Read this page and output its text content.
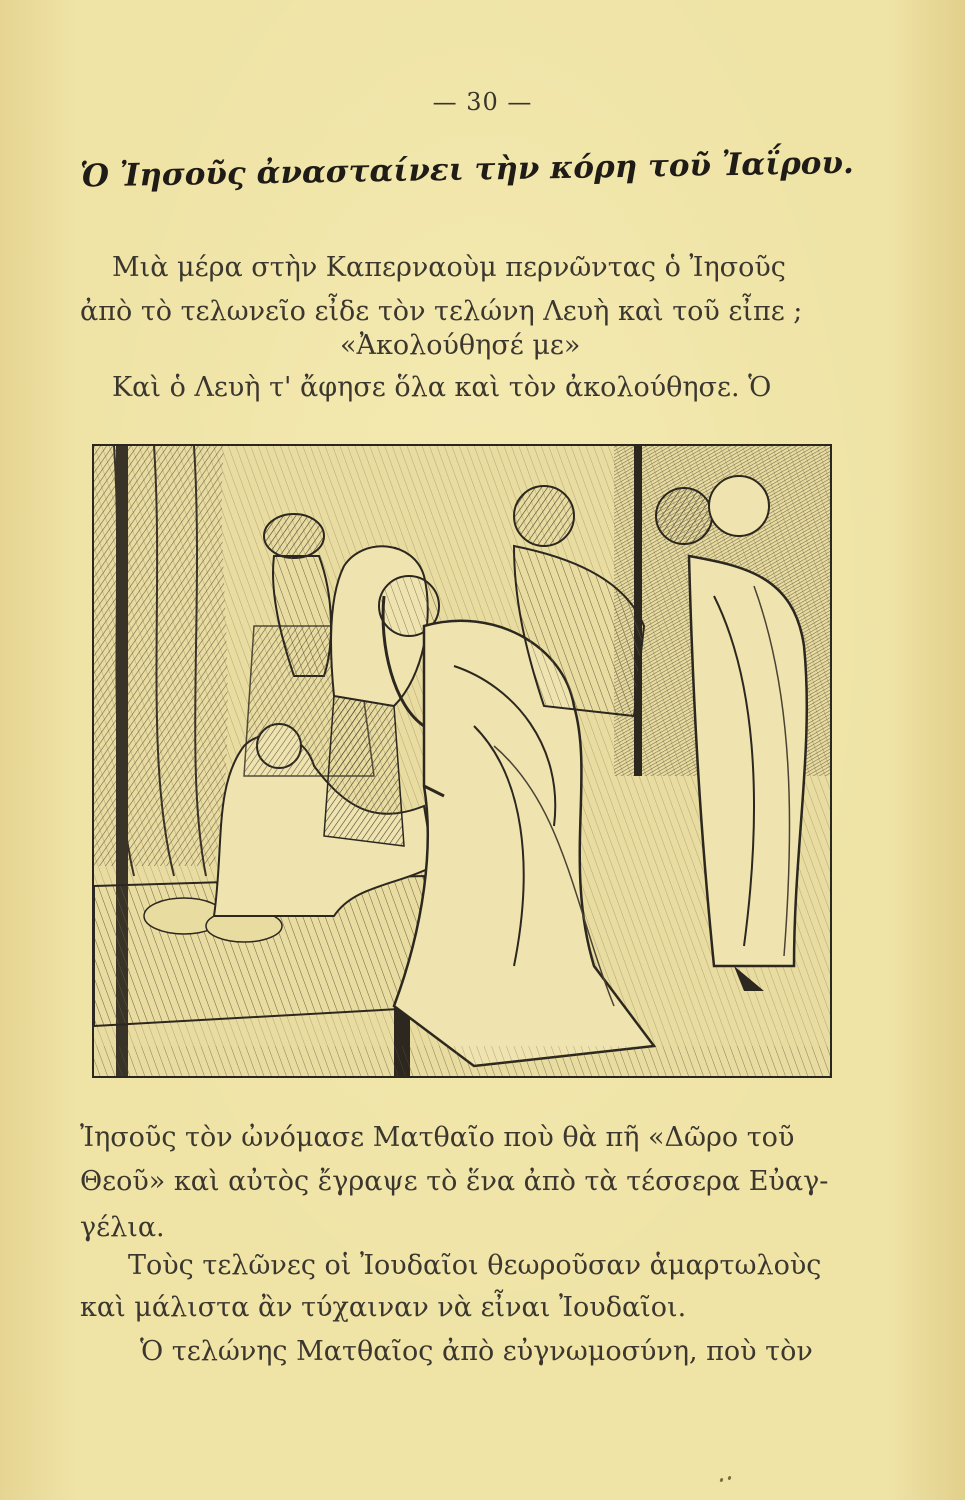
— 30 —
Ὁ Ἰησοῦς ἀνασταίνει τὴν κόρη τοῦ Ἰαΐρου.
Μιὰ μέρα στὴν Καπερναοὺμ περνῶντας ὁ Ἰησοῦς
ἀπὸ τὸ τελωνεῖο εἶδε τὸν τελώνη Λευὴ καὶ τοῦ εἶπε ;
«Ἀκολούθησέ με»
Καὶ ὁ Λευὴ τ' ἄφησε ὅλα καὶ τὸν ἀκολούθησε. Ὁ
Ἰησοῦς τὸν ὠνόμασε Ματθαῖο ποὺ θὰ πῆ «Δῶρο τοῦ
Θεοῦ» καὶ αὐτὸς ἔγραψε τὸ ἕνα ἀπὸ τὰ τέσσερα Εὐαγ-
γέλια.
Τοὺς τελῶνες οἱ Ἰουδαῖοι θεωροῦσαν ἁμαρτωλοὺς
καὶ μάλιστα ἂν τύχαιναν νὰ εἶναι Ἰουδαῖοι.
Ὁ τελώνης Ματθαῖος ἀπὸ εὐγνωμοσύνη, ποὺ τὸν
